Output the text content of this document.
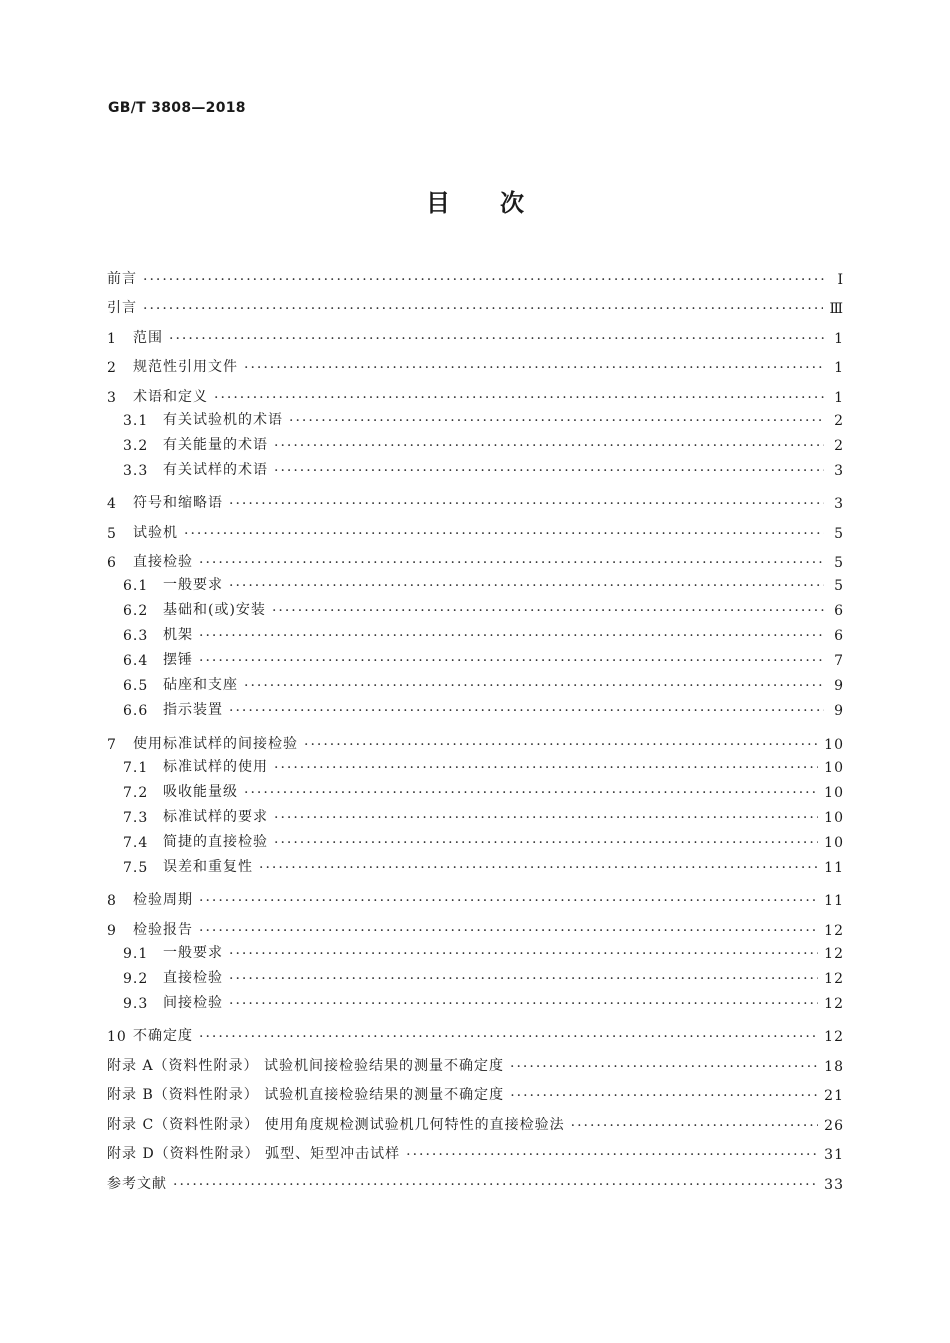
GB/T 3808—2018
目 次
前言 ·····	Ⅰ
引言 ·····	Ⅲ
1	范围 ·····	1
2	规范性引用文件 ·····	1
3	术语和定义 ·····	1
3.1	有关试验机的术语 ·····	2
3.2	有关能量的术语 ·····	2
3.3	有关试样的术语 ·····	3
4	符号和缩略语 ·····	3
5	试验机 ·····	5
6	直接检验 ·····	5
6.1	一般要求 ·····	5
6.2	基础和(或)安装 ·····	6
6.3	机架 ·····	6
6.4	摆锤 ·····	7
6.5	砧座和支座 ·····	9
6.6	指示装置 ·····	9
7	使用标准试样的间接检验 ·····	10
7.1	标准试样的使用 ·····	10
7.2	吸收能量级 ·····	10
7.3	标准试样的要求 ·····	10
7.4	简捷的直接检验 ·····	10
7.5	误差和重复性 ·····	11
8	检验周期 ·····	11
9	检验报告 ·····	12
9.1	一般要求 ·····	12
9.2	直接检验 ·····	12
9.3	间接检验 ·····	12
10 不确定度 ·····	12
附录 A（资料性附录） 试验机间接检验结果的测量不确定度 ·····	18
附录 B（资料性附录） 试验机直接检验结果的测量不确定度 ·····	21
附录 C（资料性附录） 使用角度规检测试验机几何特性的直接检验法 ·····	26
附录 D（资料性附录） 弧型、矩型冲击试样 ·····	31
参考文献 ·····	33
